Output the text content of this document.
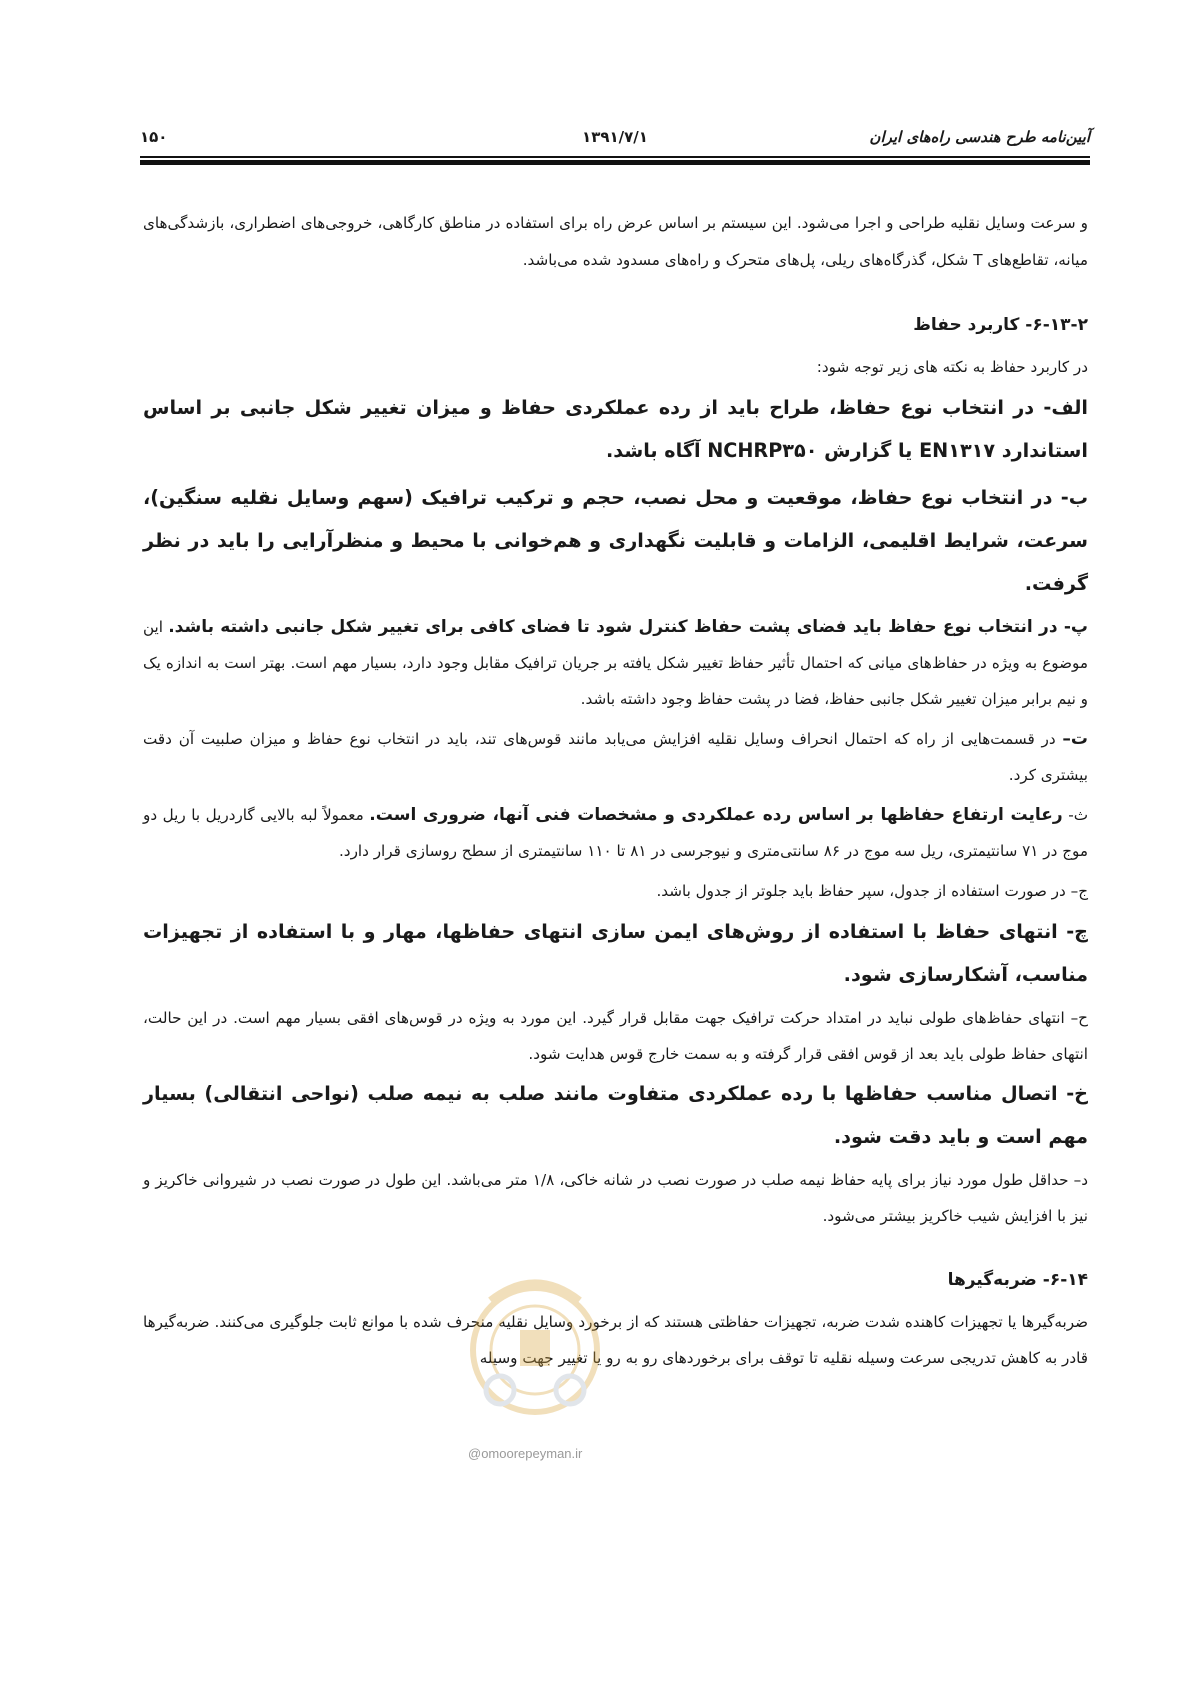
۱۵۰	۱۳۹۱/۷/۱	آیین‌نامه طرح هندسی راه‌های ایران

و سرعت وسایل نقلیه طراحی و اجرا می‌شود. این سیستم بر اساس عرض راه برای استفاده در مناطق کارگاهی، خروجی‌های اضطراری، بازشدگی‌های میانه، تقاطع‌های T شکل، گذرگاه‌های ریلی، پل‌های متحرک و راه‌های مسدود شده می‌باشد.

۶-۱۳-۲- کاربرد حفاظ

در کاربرد حفاظ به نکته های زیر توجه شود:

الف- در انتخاب نوع حفاظ، طراح باید از رده عملکردی حفاظ و میزان تغییر شکل جانبی بر اساس استاندارد EN۱۳۱۷ یا گزارش NCHRP۳۵۰ آگاه باشد.

ب- در انتخاب نوع حفاظ، موقعیت و محل نصب، حجم و ترکیب ترافیک (سهم وسایل نقلیه سنگین)، سرعت، شرایط اقلیمی، الزامات و قابلیت نگهداری و هم‌خوانی با محیط و منظرآرایی را باید در نظر گرفت.

پ- در انتخاب نوع حفاظ باید فضای پشت حفاظ کنترل شود تا فضای کافی برای تغییر شکل جانبی داشته باشد. این موضوع به ویژه در حفاظ‌های میانی که احتمال تأثیر حفاظ تغییر شکل یافته بر جریان ترافیک مقابل وجود دارد، بسیار مهم است. بهتر است به اندازه یک و نیم برابر میزان تغییر شکل جانبی حفاظ، فضا در پشت حفاظ وجود داشته باشد.

ت– در قسمت‌هایی از راه که احتمال انحراف وسایل نقلیه افزایش می‌یابد مانند قوس‌های تند، باید در انتخاب نوع حفاظ و میزان صلبیت آن دقت بیشتری کرد.

ث- رعایت ارتفاع حفاظها بر اساس رده عملکردی و مشخصات فنی آنها، ضروری است. معمولاً لبه بالایی گاردریل با ریل دو موج در ۷۱ سانتیمتری، ریل سه موج در ۸۶ سانتی‌متری و نیوجرسی در ۸۱ تا ۱۱۰ سانتیمتری از سطح روسازی قرار دارد.

ج– در صورت استفاده از جدول، سپر حفاظ باید جلوتر از جدول باشد.

چ- انتهای حفاظ با استفاده از روش‌های ایمن سازی انتهای حفاظها، مهار و با استفاده از تجهیزات مناسب، آشکارسازی شود.

ح– انتهای حفاظ‌های طولی نباید در امتداد حرکت ترافیک جهت مقابل قرار گیرد. این مورد به ویژه در قوس‌های افقی بسیار مهم است. در این حالت، انتهای حفاظ طولی باید بعد از قوس افقی قرار گرفته و به سمت خارج قوس هدایت شود.

خ- اتصال مناسب حفاظها با رده عملکردی متفاوت مانند صلب به نیمه صلب (نواحی انتقالی) بسیار مهم است و باید دقت شود.

د– حداقل طول مورد نیاز برای پایه حفاظ نیمه صلب در صورت نصب در شانه خاکی، ۱/۸ متر می‌باشد. این طول در صورت نصب در شیروانی خاکریز و نیز با افزایش شیب خاکریز بیشتر می‌شود.

۶-۱۴- ضربه‌گیرها

ضربه‌گیرها یا تجهیزات کاهنده شدت ضربه، تجهیزات حفاظتی هستند که از برخورد وسایل نقلیه منحرف شده با موانع ثابت جلوگیری می‌کنند. ضربه‌گیرها قادر به کاهش تدریجی سرعت وسیله نقلیه تا توقف برای برخوردهای رو به رو یا تغییر جهت وسیله

@omoorepeyman.ir
